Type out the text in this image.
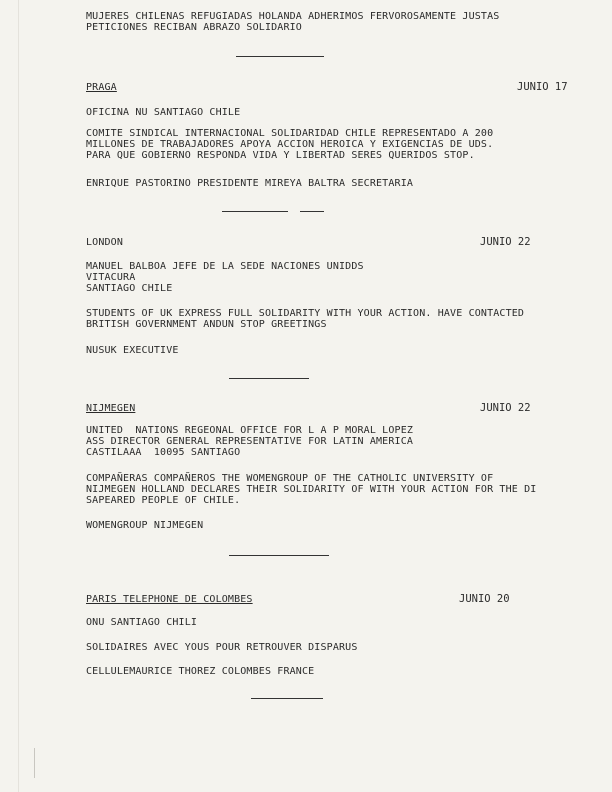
MUJERES CHILENAS REFUGIADAS HOLANDA ADHERIMOS FERVOROSAMENTE JUSTAS

PETICIONES RECIBAN ABRAZO SOLIDARIO

PRAGA	JUNIO 17

OFICINA NU SANTIAGO CHILE

COMITE SINDICAL INTERNACIONAL SOLIDARIDAD CHILE REPRESENTADO A 200

MILLONES DE TRABAJADORES APOYA ACCION HEROICA Y EXIGENCIAS DE UDS.

PARA QUE GOBIERNO RESPONDA VIDA Y LIBERTAD SERES QUERIDOS STOP.

ENRIQUE PASTORINO PRESIDENTE MIREYA BALTRA SECRETARIA

LONDON	JUNIO 22

MANUEL BALBOA JEFE DE LA SEDE NACIONES UNIDDS

VITACURA

SANTIAGO CHILE

STUDENTS OF UK EXPRESS FULL SOLIDARITY WITH YOUR ACTION. HAVE CONTACTED

BRITISH GOVERNMENT ANDUN STOP GREETINGS

NUSUK EXECUTIVE

NIJMEGEN	JUNIO 22

UNITED  NATIONS REGEONAL OFFICE FOR L A P MORAL LOPEZ

ASS DIRECTOR GENERAL REPRESENTATIVE FOR LATIN AMERICA

CASTILAAA  10095 SANTIAGO

COMPAÑERAS COMPAÑEROS THE WOMENGROUP OF THE CATHOLIC UNIVERSITY OF

NIJMEGEN HOLLAND DECLARES THEIR SOLIDARITY OF WITH YOUR ACTION FOR THE DI

SAPEARED PEOPLE OF CHILE.

WOMENGROUP NIJMEGEN

PARIS TELEPHONE DE COLOMBES	JUNIO 20

ONU SANTIAGO CHILI

SOLIDAIRES AVEC YOUS POUR RETROUVER DISPARUS

CELLULEMAURICE THOREZ COLOMBES FRANCE
